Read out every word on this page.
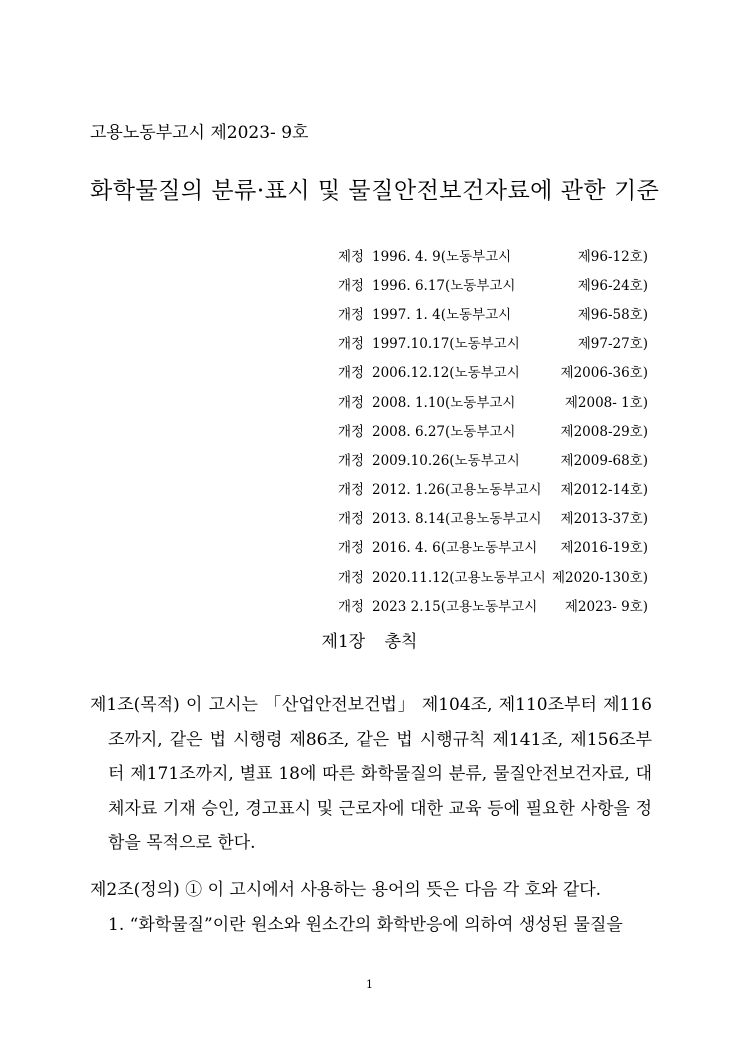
고용노동부고시 제2023- 9호
화학물질의 분류·표시 및 물질안전보건자료에 관한 기준
제정 1996. 4. 9(노동부고시	제96-12호)
개정 1996. 6.17(노동부고시	제96-24호)
개정 1997. 1. 4(노동부고시	제96-58호)
개정 1997.10.17(노동부고시	제97-27호)
개정 2006.12.12(노동부고시	제2006-36호)
개정 2008. 1.10(노동부고시	제2008- 1호)
개정 2008. 6.27(노동부고시	제2008-29호)
개정 2009.10.26(노동부고시	제2009-68호)
개정 2012. 1.26(고용노동부고시	제2012-14호)
개정 2013. 8.14(고용노동부고시	제2013-37호)
개정 2016. 4. 6(고용노동부고시	제2016-19호)
개정 2020.11.12(고용노동부고시 제2020-130호)
개정 2023 2.15(고용노동부고시	제2023- 9호)
제1장 총칙

제1조(목적) 이 고시는 「산업안전보건법」 제104조, 제110조부터 제116조까지, 같은 법 시행령 제86조, 같은 법 시행규칙 제141조, 제156조부터 제171조까지, 별표 18에 따른 화학물질의 분류, 물질안전보건자료, 대체자료 기재 승인, 경고표시 및 근로자에 대한 교육 등에 필요한 사항을 정함을 목적으로 한다.

제2조(정의) ① 이 고시에서 사용하는 용어의 뜻은 다음 각 호와 같다.

1. “화학물질”이란 원소와 원소간의 화학반응에 의하여 생성된 물질을

1
